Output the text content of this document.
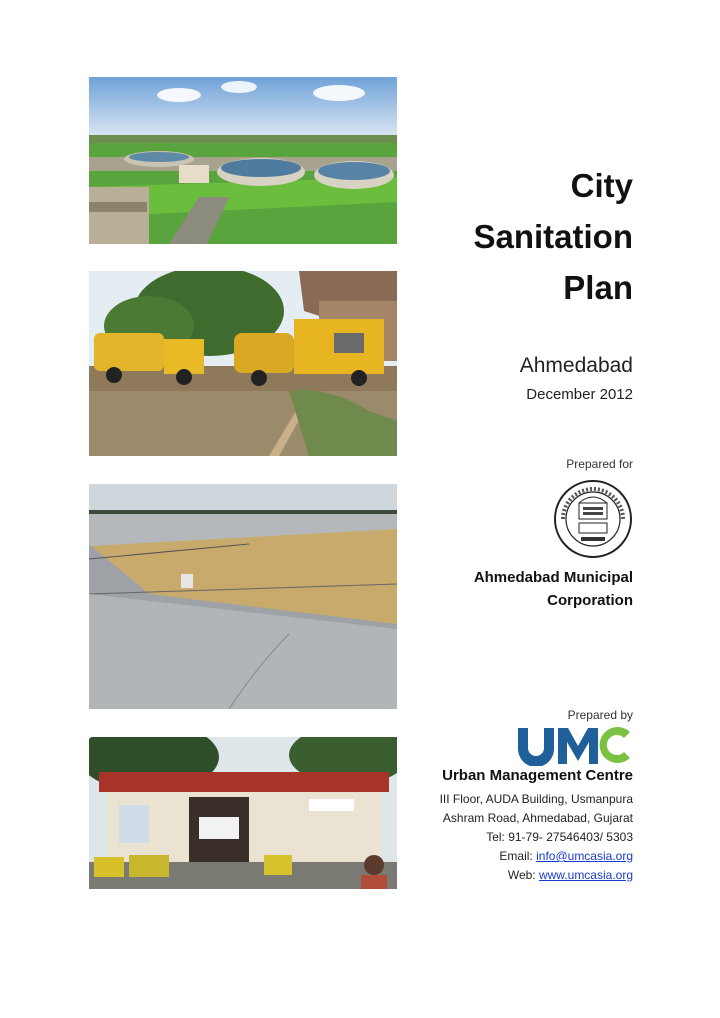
City
Sanitation
Plan
Ahmedabad
December 2012
Prepared for
Ahmedabad Municipal
Corporation
Prepared by
Urban Management Centre
III Floor, AUDA Building, Usmanpura
Ashram Road, Ahmedabad, Gujarat
Tel: 91-79- 27546403/ 5303
Email: info@umcasia.org
Web: www.umcasia.org
